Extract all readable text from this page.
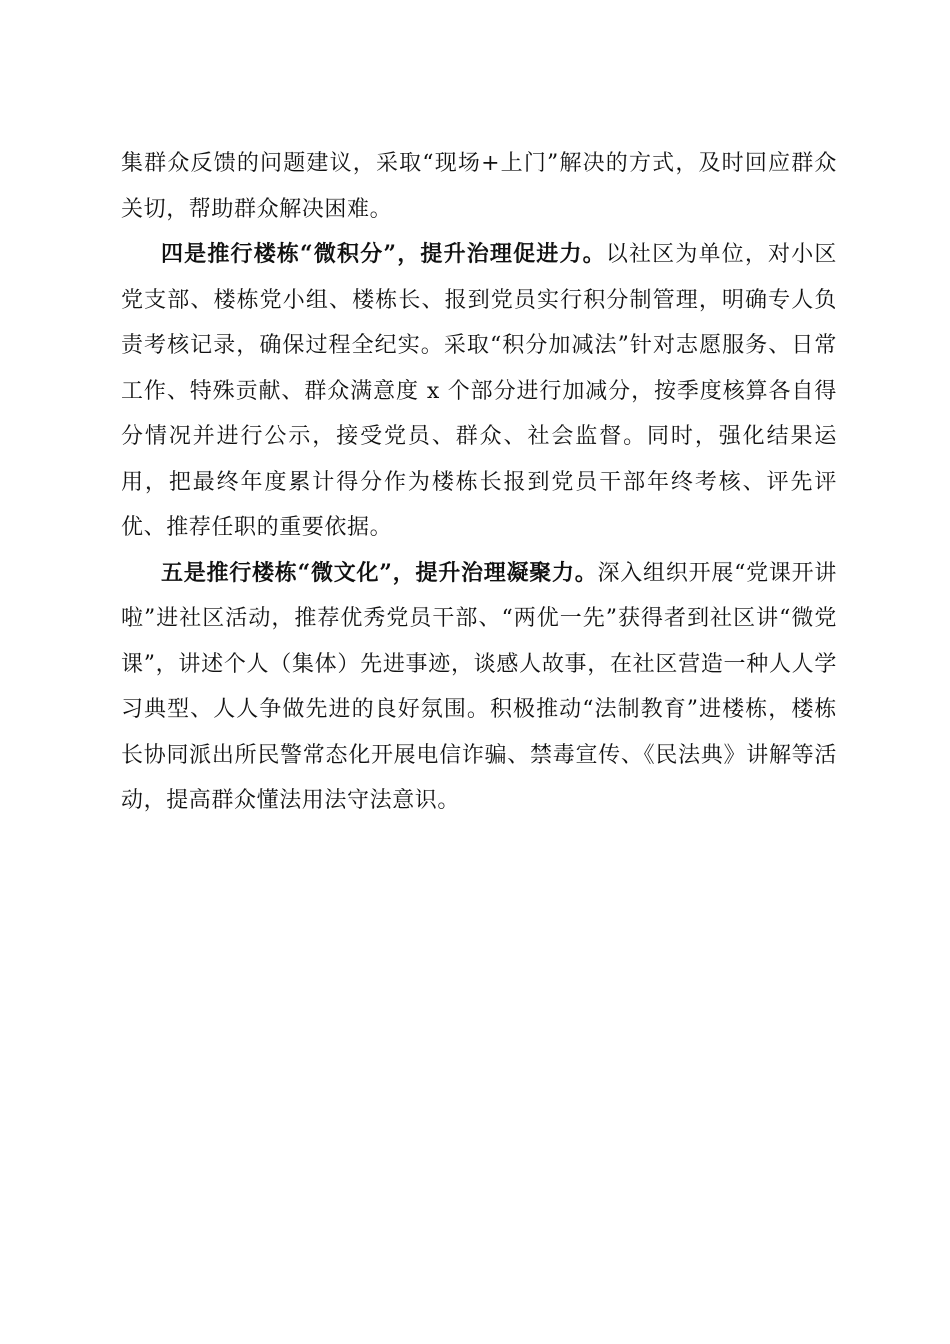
集群众反馈的问题建议，采取“现场+上门”解决的方式，及时回应群众关切，帮助群众解决困难。

四是推行楼栋“微积分”，提升治理促进力。以社区为单位，对小区党支部、楼栋党小组、楼栋长、报到党员实行积分制管理，明确专人负责考核记录，确保过程全纪实。采取“积分加减法”针对志愿服务、日常工作、特殊贡献、群众满意度 x 个部分进行加减分，按季度核算各自得分情况并进行公示，接受党员、群众、社会监督。同时，强化结果运用，把最终年度累计得分作为楼栋长报到党员干部年终考核、评先评优、推荐任职的重要依据。

五是推行楼栋“微文化”，提升治理凝聚力。深入组织开展“党课开讲啦”进社区活动，推荐优秀党员干部、“两优一先”获得者到社区讲“微党课”，讲述个人（集体）先进事迹，谈感人故事，在社区营造一种人人学习典型、人人争做先进的良好氛围。积极推动“法制教育”进楼栋，楼栋长协同派出所民警常态化开展电信诈骗、禁毒宣传、《民法典》讲解等活动，提高群众懂法用法守法意识。
